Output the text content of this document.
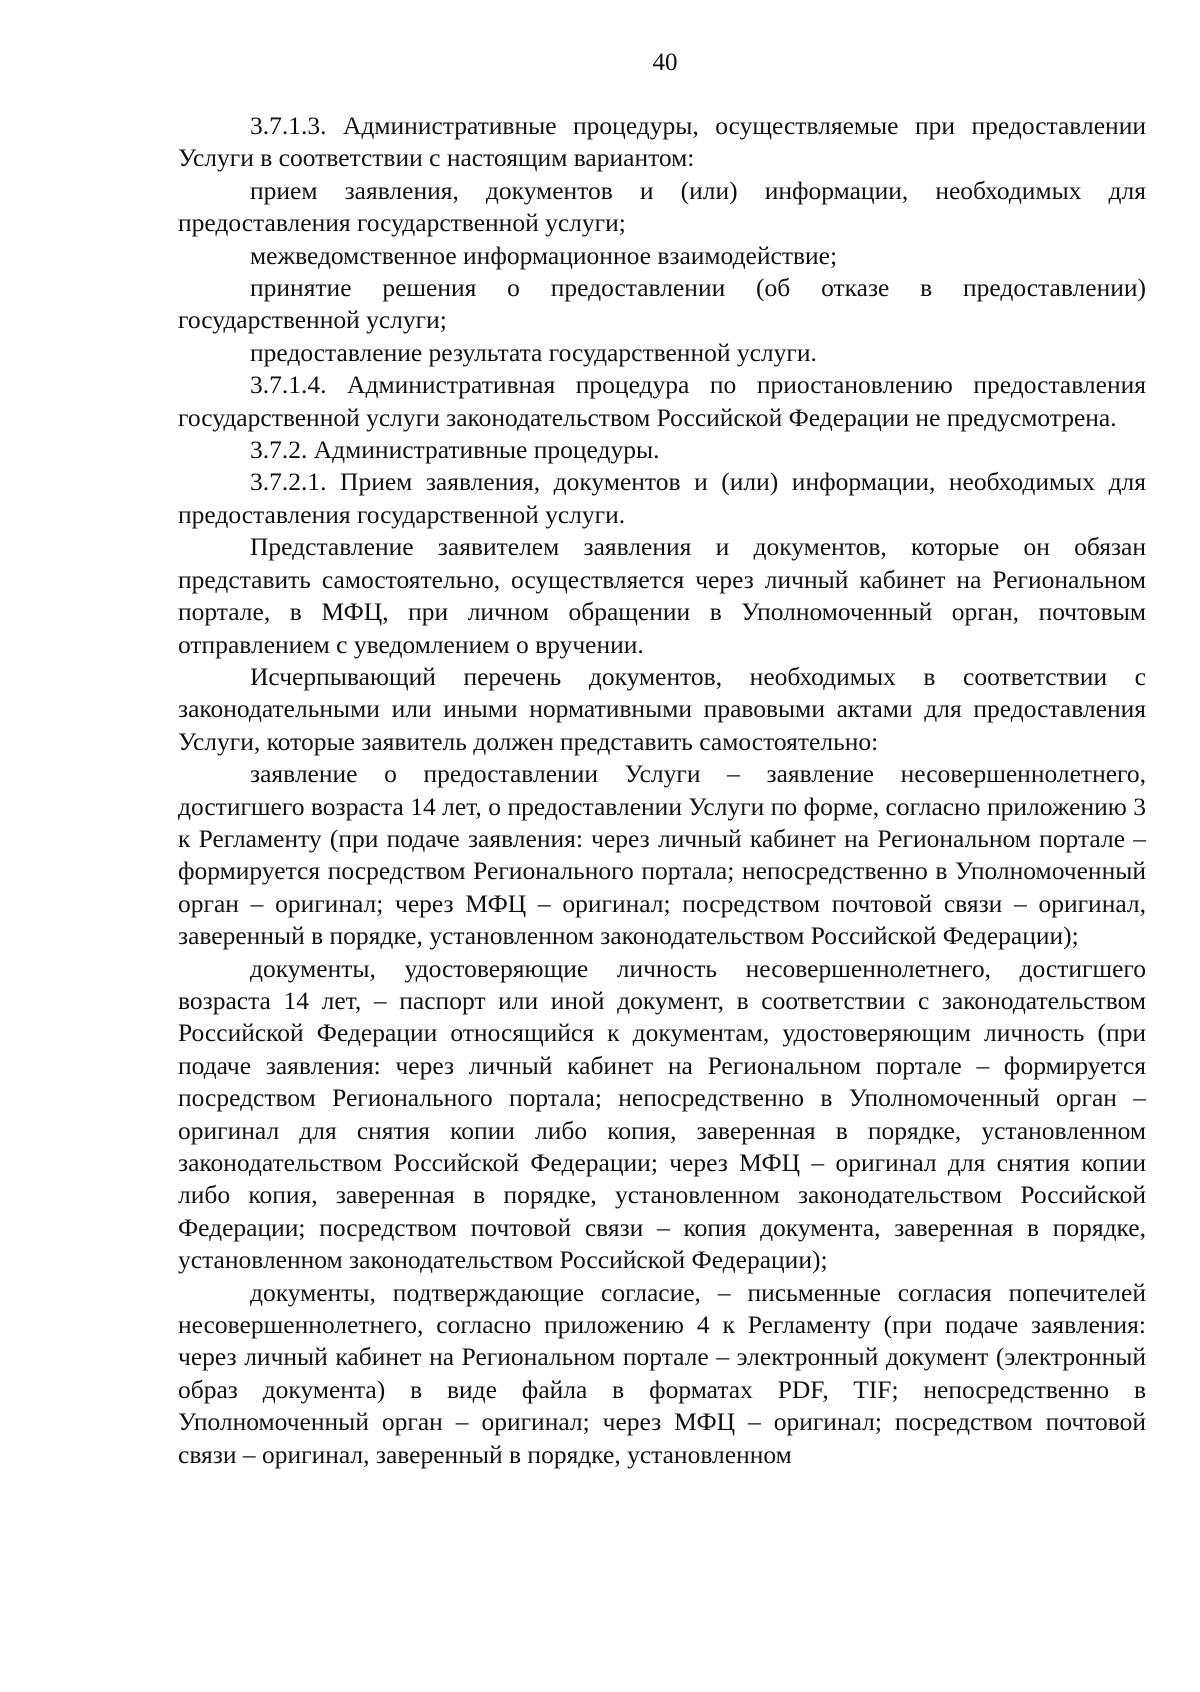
40

3.7.1.3. Административные процедуры, осуществляемые при предоставлении Услуги в соответствии с настоящим вариантом:

прием заявления, документов и (или) информации, необходимых для предоставления государственной услуги;

межведомственное информационное взаимодействие;

принятие решения о предоставлении (об отказе в предоставлении) государственной услуги;

предоставление результата государственной услуги.

3.7.1.4. Административная процедура по приостановлению предоставления государственной услуги законодательством Российской Федерации не предусмотрена.

3.7.2. Административные процедуры.

3.7.2.1. Прием заявления, документов и (или) информации, необходимых для предоставления государственной услуги.

Представление заявителем заявления и документов, которые он обязан представить самостоятельно, осуществляется через личный кабинет на Региональном портале, в МФЦ, при личном обращении в Уполномоченный орган, почтовым отправлением с уведомлением о вручении.

Исчерпывающий перечень документов, необходимых в соответствии с законодательными или иными нормативными правовыми актами для предоставления Услуги, которые заявитель должен представить самостоятельно:

заявление о предоставлении Услуги – заявление несовершеннолетнего, достигшего возраста 14 лет, о предоставлении Услуги по форме, согласно приложению 3 к Регламенту (при подаче заявления: через личный кабинет на Региональном портале – формируется посредством Регионального портала; непосредственно в Уполномоченный орган – оригинал; через МФЦ – оригинал; посредством почтовой связи – оригинал, заверенный в порядке, установленном законодательством Российской Федерации);

документы, удостоверяющие личность несовершеннолетнего, достигшего возраста 14 лет, – паспорт или иной документ, в соответствии с законодательством Российской Федерации относящийся к документам, удостоверяющим личность (при подаче заявления: через личный кабинет на Региональном портале – формируется посредством Регионального портала; непосредственно в Уполномоченный орган – оригинал для снятия копии либо копия, заверенная в порядке, установленном законодательством Российской Федерации; через МФЦ – оригинал для снятия копии либо копия, заверенная в порядке, установленном законодательством Российской Федерации; посредством почтовой связи – копия документа, заверенная в порядке, установленном законодательством Российской Федерации);

документы, подтверждающие согласие, – письменные согласия попечителей несовершеннолетнего, согласно приложению 4 к Регламенту (при подаче заявления: через личный кабинет на Региональном портале – электронный документ (электронный образ документа) в виде файла в форматах PDF, TIF; непосредственно в Уполномоченный орган – оригинал; через МФЦ – оригинал; посредством почтовой связи – оригинал, заверенный в порядке, установленном
